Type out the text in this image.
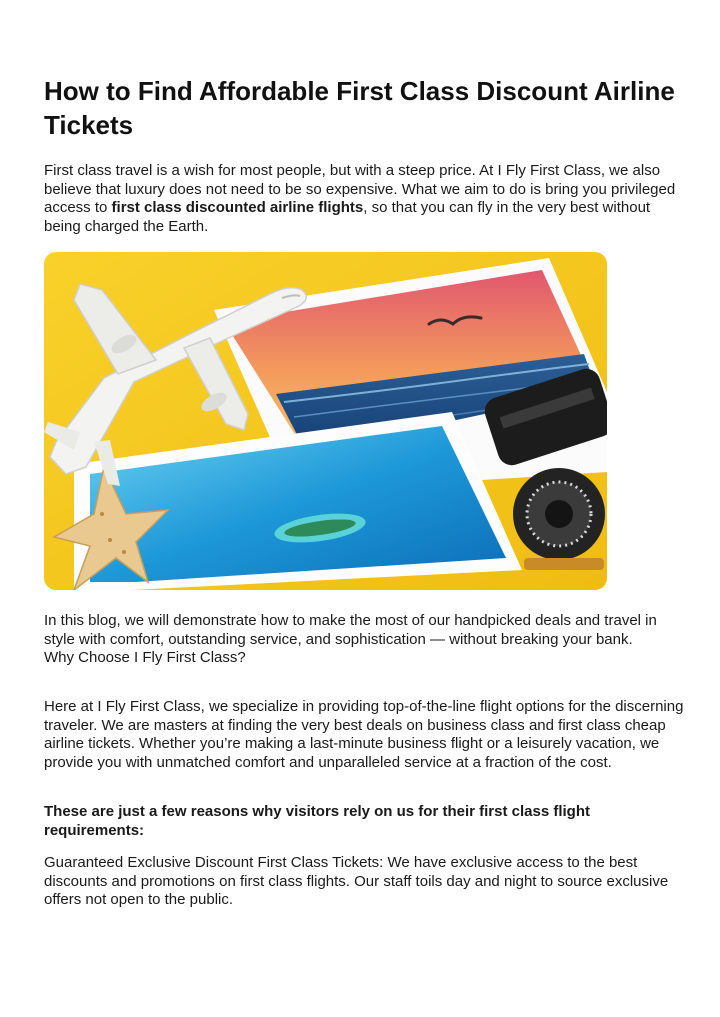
How to Find Affordable First Class Discount Airline Tickets

First class travel is a wish for most people, but with a steep price. At I Fly First Class, we also believe that luxury does not need to be so expensive. What we aim to do is bring you privileged access to first class discounted airline flights, so that you can fly in the very best without being charged the Earth.

In this blog, we will demonstrate how to make the most of our handpicked deals and travel in style with comfort, outstanding service, and sophistication — without breaking your bank.
Why Choose I Fly First Class?

Here at I Fly First Class, we specialize in providing top-of-the-line flight options for the discerning traveler. We are masters at finding the very best deals on business class and first class cheap airline tickets. Whether you’re making a last-minute business flight or a leisurely vacation, we provide you with unmatched comfort and unparalleled service at a fraction of the cost.

These are just a few reasons why visitors rely on us for their first class flight requirements:

Guaranteed Exclusive Discount First Class Tickets: We have exclusive access to the best discounts and promotions on first class flights. Our staff toils day and night to source exclusive offers not open to the public.
